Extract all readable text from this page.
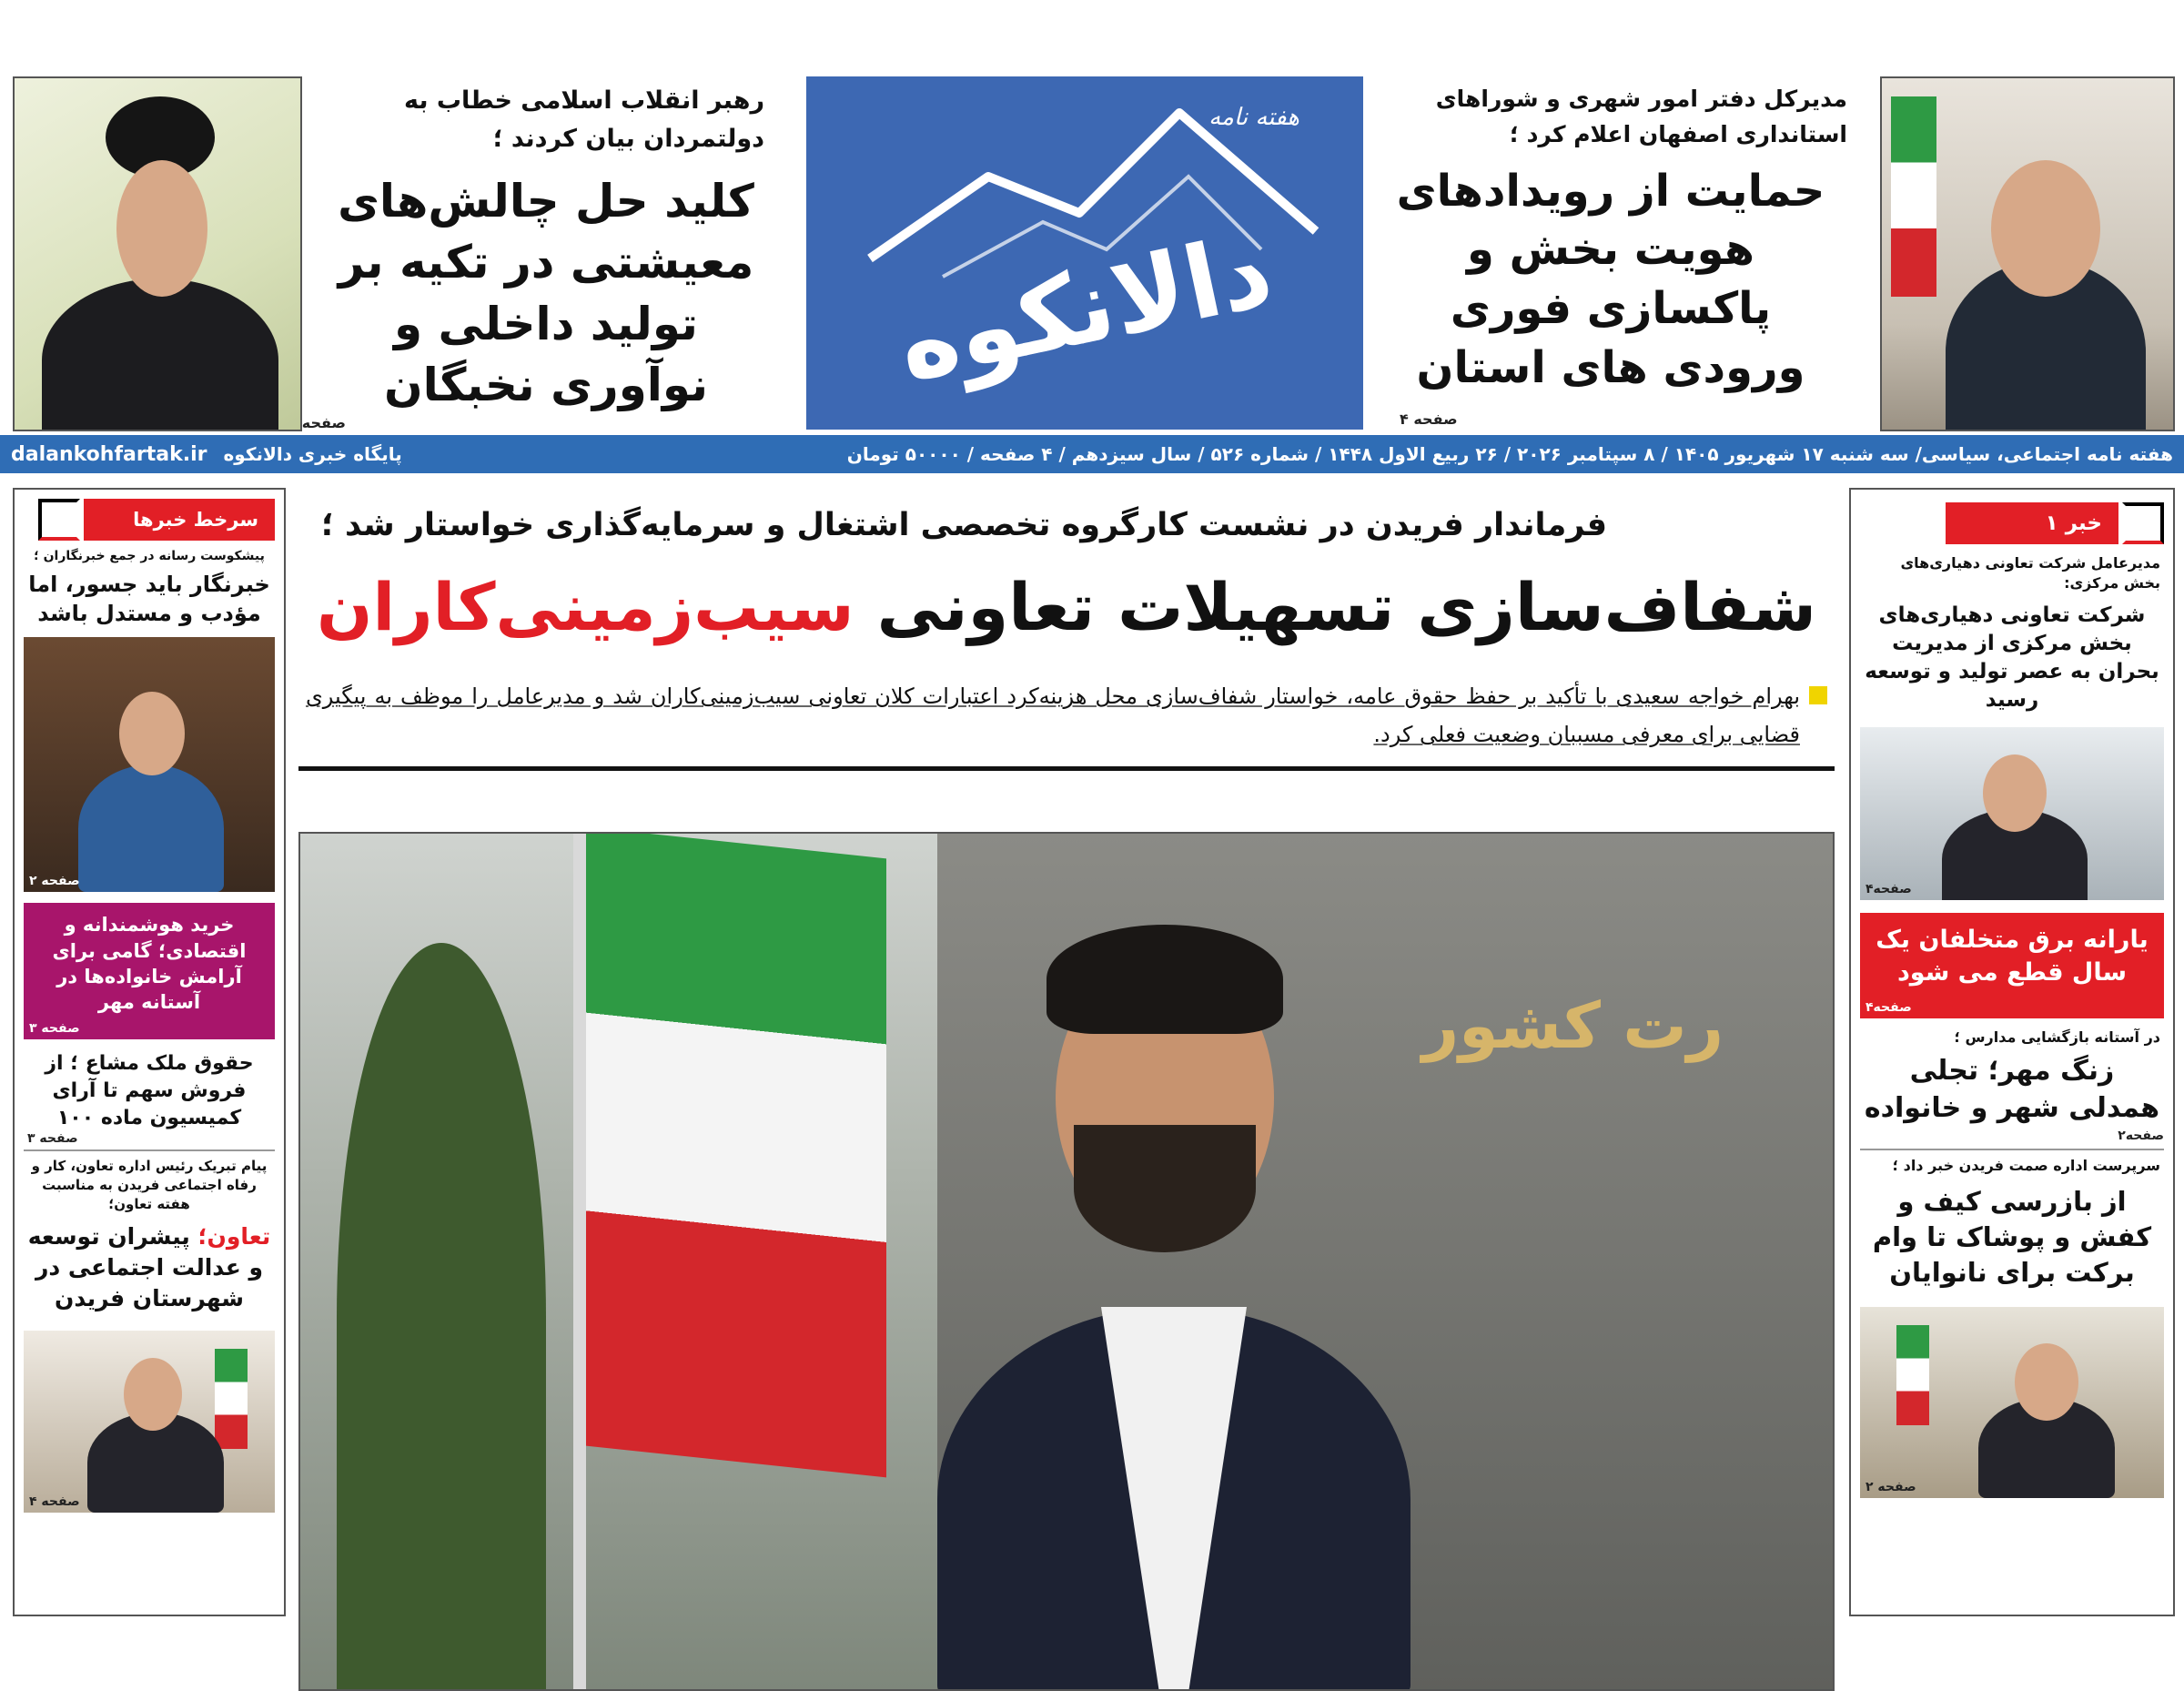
مدیرکل دفتر امور شهری و شوراهای استانداری اصفهان اعلام کرد ؛
حمایت از رویدادهای هویت بخش و پاکسازی فوری ورودی های استان
صفحه ۴
هفته نامه
دالانکوه
رهبر انقلاب اسلامی خطاب به دولتمردان بیان کردند ؛
کلید حل چالش‌های معیشتی در تکیه بر تولید داخلی و نوآوری نخبگان
صفحه
هفته نامه اجتماعی، سیاسی/ سه شنبه ۱۷ شهریور ۱۴۰۵ / ۸ سپتامبر ۲۰۲۶ / ۲۶ ربیع الاول ۱۴۴۸ / شماره ۵۲۶ / سال سیزدهم / ۴ صفحه / ۵۰۰۰۰ تومان
پایگاه خبری دالانکوه
dalankohfartak.ir
خبر ۱
مدیرعامل شرکت تعاونی دهیاری‌های بخش مرکزی:
شرکت تعاونی دهیاری‌های بخش مرکزی از مدیریت بحران به عصر تولید و توسعه رسید
صفحه۴
یارانه برق متخلفان یک سال قطع می شود
صفحه۴
در آستانه بازگشایی مدارس ؛
زنگ مهر؛ تجلی همدلی شهر و خانواده
صفحه۲
سرپرست اداره صمت فریدن خبر داد ؛
از بازرسی کیف و کفش و پوشاک تا وام برکت برای نانوایان
صفحه ۲
سرخط خبرها
پیشکوست رسانه در جمع خبرنگاران ؛
خبرنگار باید جسور، اما مؤدب و مستدل باشد
صفحه ۲
خرید هوشمندانه و اقتصادی؛ گامی برای آرامش خانواده‌ها در آستانه مهر
صفحه ۳
حقوق ملک مشاع ؛ از فروش سهم تا آرای کمیسیون ماده ۱۰۰
صفحه ۳
پیام تبریک رئیس اداره تعاون، کار و رفاه اجتماعی فریدن به مناسبت هفته تعاون؛
تعاون؛ پیشران توسعه و عدالت اجتماعی در شهرستان فریدن
صفحه ۴
فرماندار فریدن در نشست کارگروه تخصصی اشتغال و سرمایه‌گذاری خواستار شد ؛
شفاف‌سازی تسهیلات تعاونی سیب‌زمینی‌کاران
بهرام خواجه سعیدی با تأکید بر حفظ حقوق عامه، خواستار شفاف‌سازی محل هزینه‌کرد اعتبارات کلان تعاونی سیب‌زمینی‌کاران شد و مدیرعامل را موظف به پیگیری قضایی برای معرفی مسببان وضعیت فعلی کرد.
رت کشور
